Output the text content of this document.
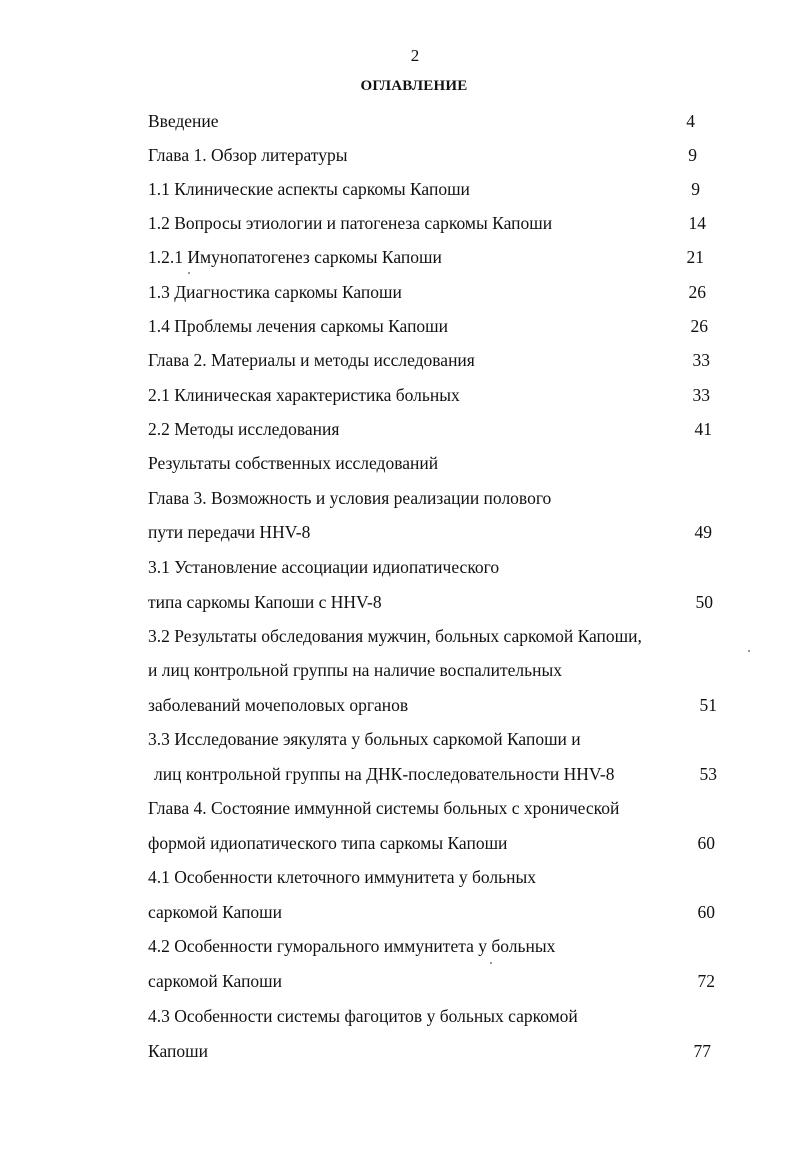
2
ОГЛАВЛЕНИЕ
Введение	4
Глава 1. Обзор литературы	9
1.1 Клинические аспекты саркомы Капоши	9
1.2 Вопросы этиологии и патогенеза саркомы Капоши	14
1.2.1 Имунопатогенез саркомы Капоши	21
1.3 Диагностика саркомы Капоши	26
1.4 Проблемы лечения саркомы Капоши	26
Глава 2. Материалы и методы исследования	33
2.1 Клиническая характеристика больных	33
2.2 Методы исследования	41
Результаты собственных исследований
Глава 3. Возможность и условия реализации полового
пути передачи HHV-8	49
3.1 Установление ассоциации идиопатического
типа саркомы Капоши с HHV-8	50
3.2 Результаты обследования мужчин, больных саркомой Капоши,
и лиц контрольной группы на наличие воспалительных
заболеваний мочеполовых органов	51
3.3 Исследование эякулята у больных саркомой Капоши и
лиц контрольной группы на ДНК-последовательности HHV-8	53
Глава 4. Состояние иммунной системы больных с хронической
формой идиопатического типа саркомы Капоши	60
4.1 Особенности клеточного иммунитета у больных
саркомой Капоши	60
4.2 Особенности гуморального иммунитета у больных
саркомой Капоши	72
4.3 Особенности системы фагоцитов у больных саркомой
Капоши	77
